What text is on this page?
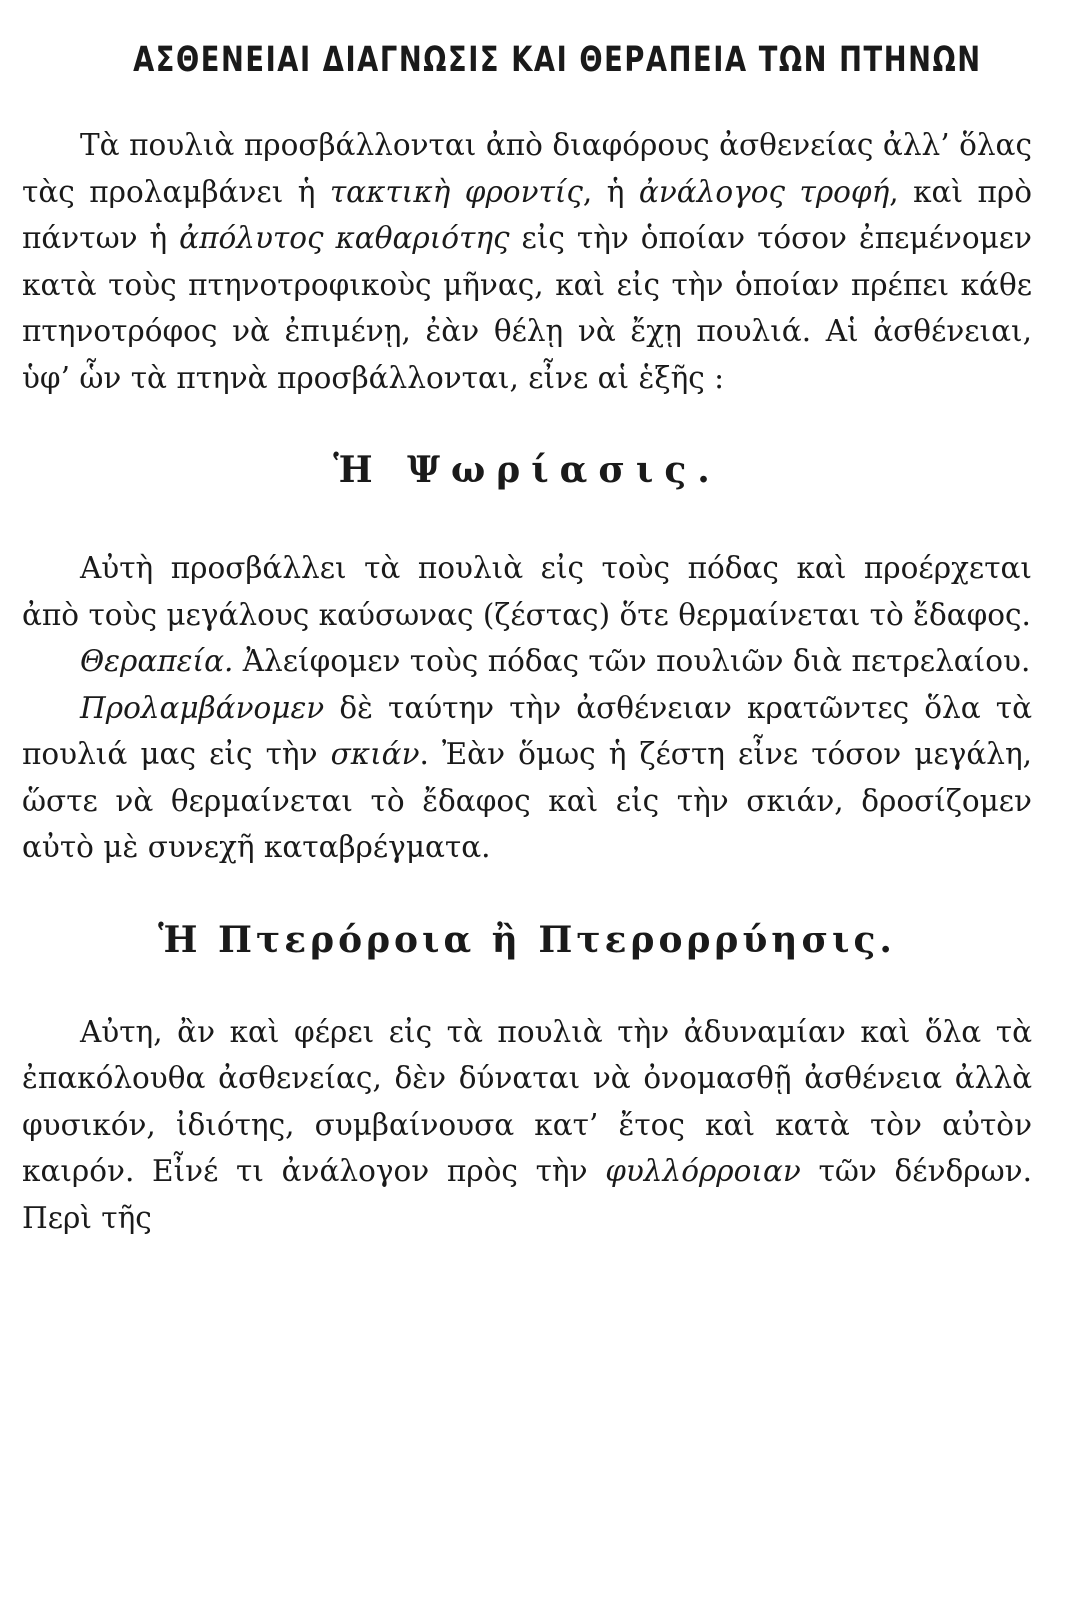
ΑΣΘΕΝΕΙΑΙ ΔΙΑΓΝΩΣΙΣ ΚΑΙ ΘΕΡΑΠΕΙΑ ΤΩΝ ΠΤΗΝΩΝ

Τὰ πουλιὰ προσβάλλονται ἀπὸ διαφόρους ἀσθενείας ἀλλ’ ὅλας τὰς προλαμβάνει ἡ τακτικὴ φροντίς, ἡ ἀνάλογος τροφή, καὶ πρὸ πάντων ἡ ἀπόλυτος καθαριότης εἰς τὴν ὁποίαν τόσον ἐπεμένομεν κατὰ τοὺς πτηνοτροφικοὺς μῆνας, καὶ εἰς τὴν ὁποίαν πρέπει κάθε πτηνοτρόφος νὰ ἐπιμένῃ, ἐὰν θέλῃ νὰ ἔχῃ πουλιά. Αἱ ἀσθένειαι, ὑφ’ ὧν τὰ πτηνὰ προσβάλλονται, εἶνε αἱ ἑξῆς :

Ἡ Ψωρίασις.

Αὐτὴ προσβάλλει τὰ πουλιὰ εἰς τοὺς πόδας καὶ προέρχεται ἀπὸ τοὺς μεγάλους καύσωνας (ζέστας) ὅτε θερμαίνεται τὸ ἔδαφος.

Θεραπεία. Ἀλείφομεν τοὺς πόδας τῶν πουλιῶν διὰ πετρελαίου.

Προλαμβάνομεν δὲ ταύτην τὴν ἀσθένειαν κρατῶντες ὅλα τὰ πουλιά μας εἰς τὴν σκιάν. Ἐὰν ὅμως ἡ ζέστη εἶνε τόσον μεγάλη, ὥστε νὰ θερμαίνεται τὸ ἔδαφος καὶ εἰς τὴν σκιάν, δροσίζομεν αὐτὸ μὲ συνεχῆ καταβρέγματα.

Ἡ Πτερόροια ἢ Πτερορρύησις.

Αὐτη, ἂν καὶ φέρει εἰς τὰ πουλιὰ τὴν ἀδυναμίαν καὶ ὅλα τὰ ἐπακόλουθα ἀσθενείας, δὲν δύναται νὰ ὀνομασθῇ ἀσθένεια ἀλλὰ φυσικόν, ἰδιότης, συμβαίνουσα κατ’ ἔτος καὶ κατὰ τὸν αὐτὸν καιρόν. Εἶνέ τι ἀνάλογον πρὸς τὴν φυλλόρροιαν τῶν δένδρων. Περὶ τῆς
